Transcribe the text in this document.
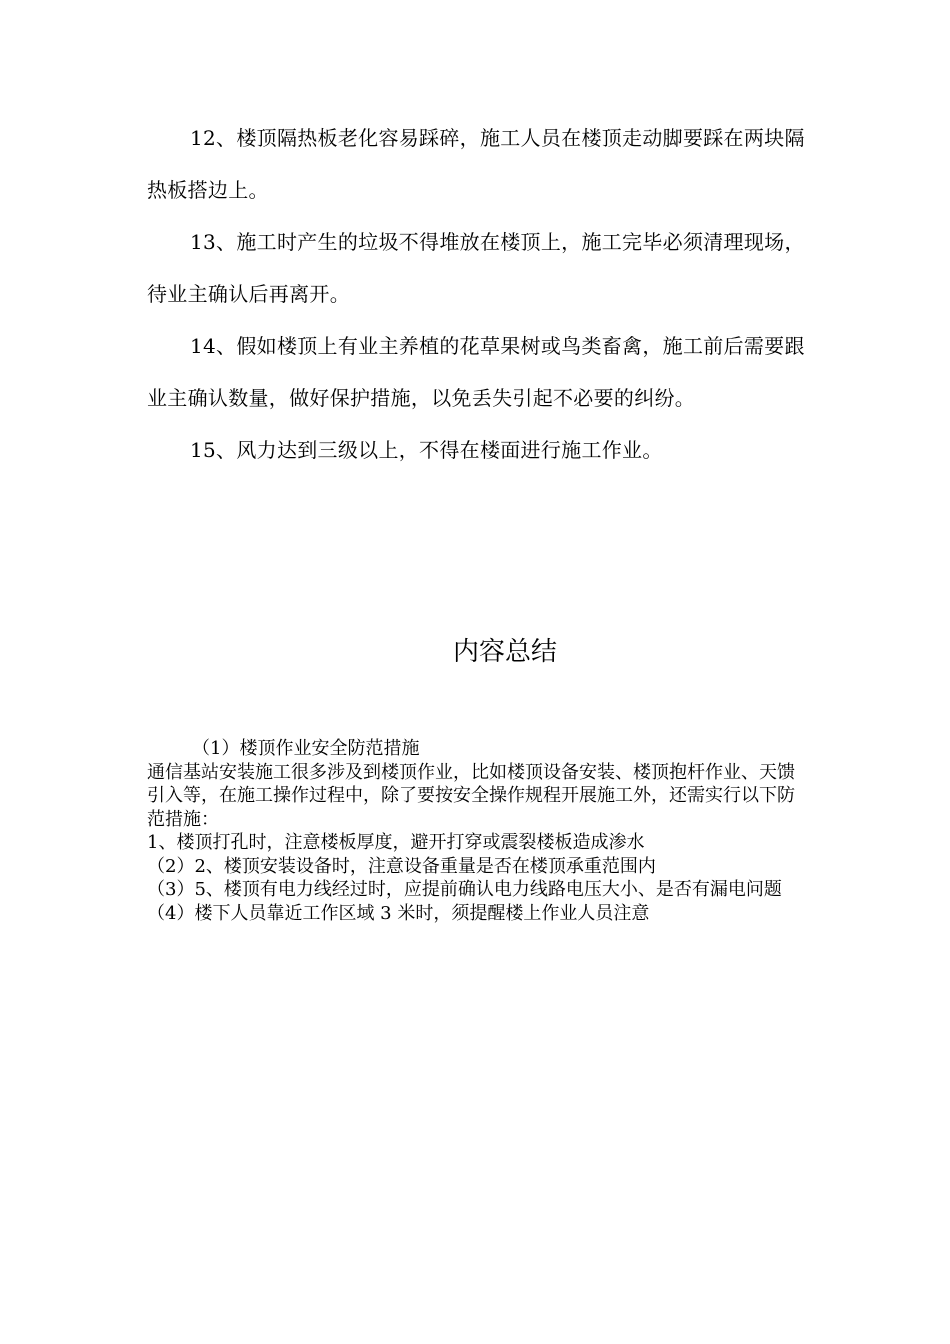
12、楼顶隔热板老化容易踩碎，施工人员在楼顶走动脚要踩在两块隔热板搭边上。

13、施工时产生的垃圾不得堆放在楼顶上，施工完毕必须清理现场，待业主确认后再离开。

14、假如楼顶上有业主养植的花草果树或鸟类畜禽，施工前后需要跟业主确认数量，做好保护措施，以免丢失引起不必要的纠纷。

15、风力达到三级以上，不得在楼面进行施工作业。

内容总结

（1）楼顶作业安全防范措施

通信基站安装施工很多涉及到楼顶作业，比如楼顶设备安装、楼顶抱杆作业、天馈引入等，在施工操作过程中，除了要按安全操作规程开展施工外，还需实行以下防范措施：

1、楼顶打孔时，注意楼板厚度，避开打穿或震裂楼板造成渗水

（2）2、楼顶安装设备时，注意设备重量是否在楼顶承重范围内

（3）5、楼顶有电力线经过时，应提前确认电力线路电压大小、是否有漏电问题

（4）楼下人员靠近工作区域 3 米时，须提醒楼上作业人员注意
